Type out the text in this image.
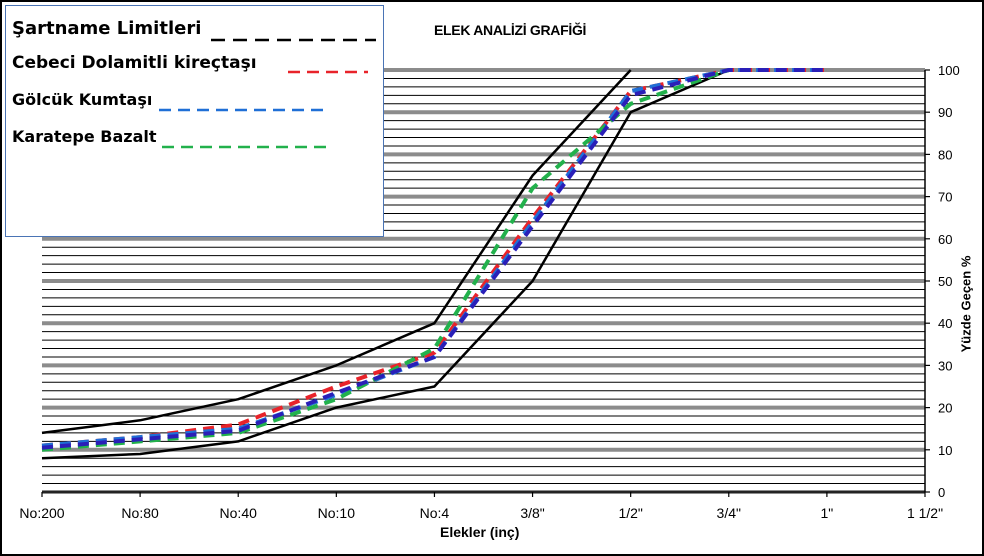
0
10
20
30
40
50
60
70
80
90
100
No:200	No:80	No:40	No:10	No:4	3/8"	1/2"	3/4"	1"	1 1/2"
ELEK ANALİZİ GRAFİĞİ
Elekler (inç)
Yüzde Geçen %
Şartname Limitleri
Cebeci Dolamitli kireçtaşı
Gölcük Kumtaşı
Karatepe Bazalt
